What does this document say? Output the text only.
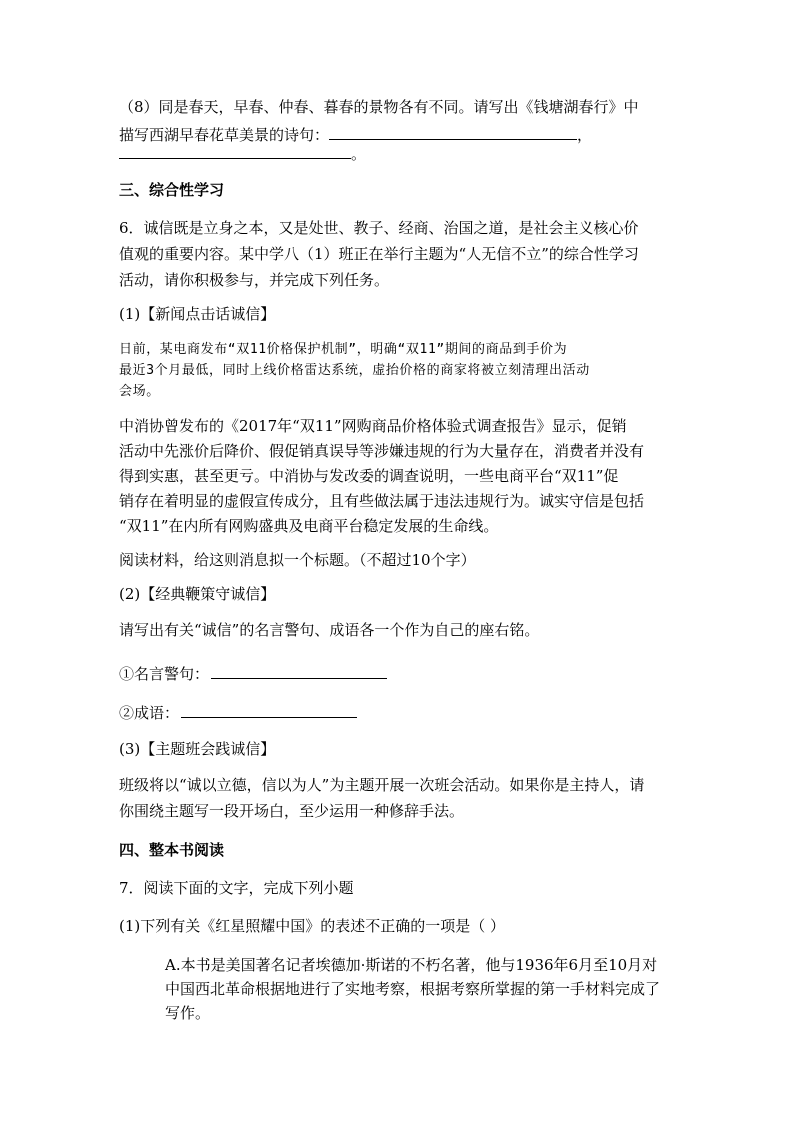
（8）同是春天，早春、仲春、暮春的景物各有不同。请写出《钱塘湖春行》中
描写西湖早春花草美景的诗句：	，
。
三、综合性学习
6．诚信既是立身之本，又是处世、教子、经商、治国之道，是社会主义核心价
值观的重要内容。某中学八（1）班正在举行主题为“人无信不立”的综合性学习
活动，请你积极参与，并完成下列任务。
(1)【新闻点击话诚信】
日前，某电商发布“双11价格保护机制”，明确“双11”期间的商品到手价为
最近3个月最低，同时上线价格雷达系统，虚抬价格的商家将被立刻清理出活动
会场。
中消协曾发布的《2017年“双11”网购商品价格体验式调查报告》显示，促销
活动中先涨价后降价、假促销真误导等涉嫌违规的行为大量存在，消费者并没有
得到实惠，甚至更亏。中消协与发改委的调查说明，一些电商平台“双11”促
销存在着明显的虚假宣传成分，且有些做法属于违法违规行为。诚实守信是包括
“双11”在内所有网购盛典及电商平台稳定发展的生命线。
阅读材料，给这则消息拟一个标题。（不超过10个字）
(2)【经典鞭策守诚信】
请写出有关“诚信”的名言警句、成语各一个作为自己的座右铭。
①名言警句：
②成语：
(3)【主题班会践诚信】
班级将以“诚以立德，信以为人”为主题开展一次班会活动。如果你是主持人，请
你围绕主题写一段开场白，至少运用一种修辞手法。
四、整本书阅读
7．阅读下面的文字，完成下列小题
(1)下列有关《红星照耀中国》的表述不正确的一项是（ ）
A.本书是美国著名记者埃德加·斯诺的不朽名著，他与1936年6月至10月对
中国西北革命根据地进行了实地考察，根据考察所掌握的第一手材料完成了
写作。
